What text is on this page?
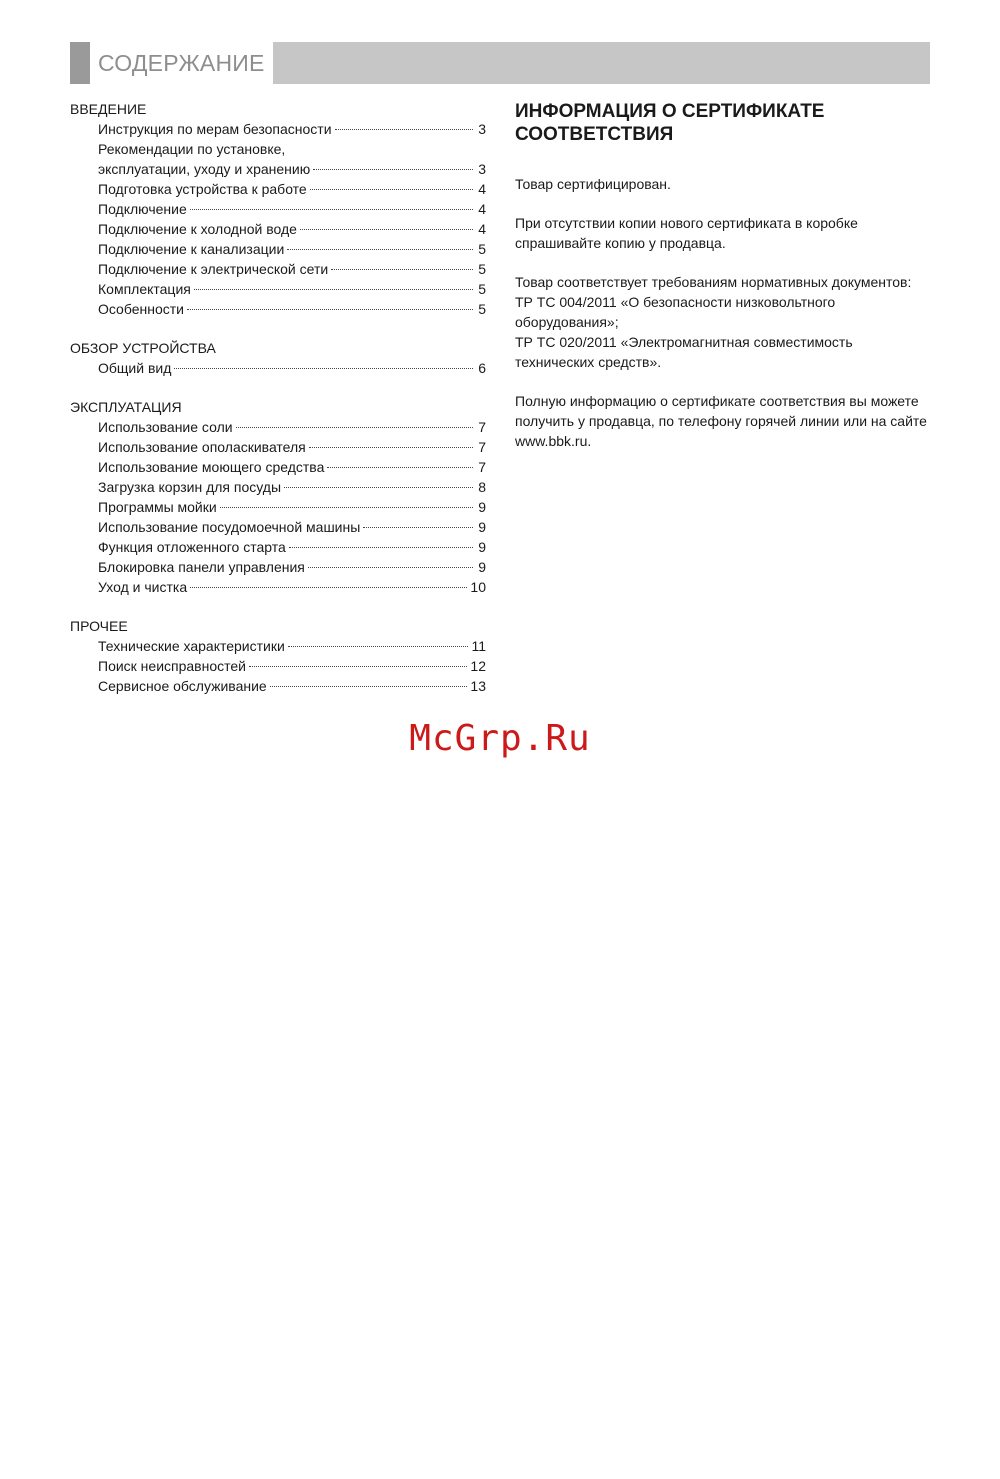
СОДЕРЖАНИЕ
ВВЕДЕНИЕ
Инструкция по мерам безопасности	3
Рекомендации по установке,
эксплуатации, уходу и хранению	3
Подготовка устройства к работе	4
Подключение	4
Подключение к холодной воде	4
Подключение к канализации	5
Подключение к электрической сети	5
Комплектация	5
Особенности	5
ОБЗОР УСТРОЙСТВА
Общий вид	6
ЭКСПЛУАТАЦИЯ
Использование соли	7
Использование ополаскивателя	7
Использование моющего средства	7
Загрузка корзин для посуды	8
Программы мойки	9
Использование посудомоечной машины	9
Функция отложенного старта	9
Блокировка панели управления	9
Уход и чистка	10
ПРОЧЕЕ
Технические характеристики	11
Поиск неисправностей	12
Сервисное обслуживание	13
ИНФОРМАЦИЯ О СЕРТИФИКАТЕ СООТВЕТСТВИЯ

Товар сертифицирован.

При отсутствии копии нового сертификата в коробке спрашивайте копию у продавца.

Товар соответствует требованиям нормативных документов:
ТР ТС 004/2011 «О безопасности низковольтного оборудования»;
ТР ТС 020/2011 «Электромагнитная совместимость технических средств».

Полную информацию о сертификате соответствия вы можете получить у продавца, по телефону горячей линии или на сайте www.bbk.ru.

McGrp.Ru
